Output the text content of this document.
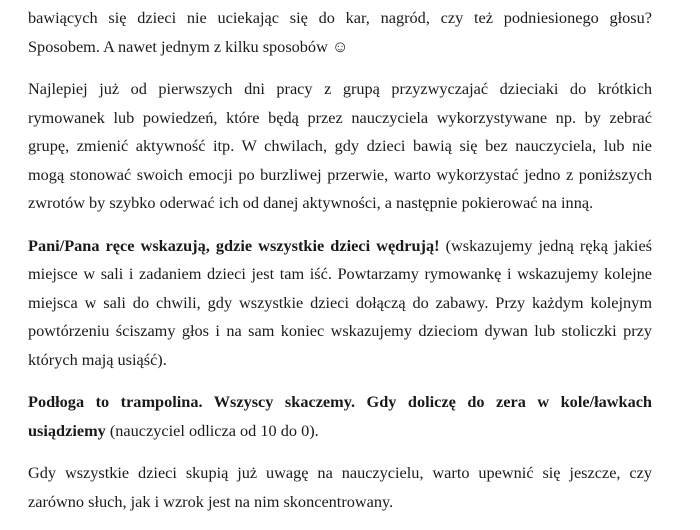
bawiących się dzieci nie uciekając się do kar, nagród, czy też podniesionego głosu?
Sposobem. A nawet jednym z kilku sposobów ☺

Najlepiej już od pierwszych dni pracy z grupą przyzwyczajać dzieciaki do krótkich
rymowanek lub powiedzeń, które będą przez nauczyciela wykorzystywane np. by zebrać
grupę, zmienić aktywność itp. W chwilach, gdy dzieci bawią się bez nauczyciela, lub nie
mogą stonować swoich emocji po burzliwej przerwie, warto wykorzystać jedno z poniższych
zwrotów by szybko oderwać ich od danej aktywności, a następnie pokierować na inną.

Pani/Pana ręce wskazują, gdzie wszystkie dzieci wędrują! (wskazujemy jedną ręką jakieś
miejsce w sali i zadaniem dzieci jest tam iść. Powtarzamy rymowankę i wskazujemy kolejne
miejsca w sali do chwili, gdy wszystkie dzieci dołączą do zabawy. Przy każdym kolejnym
powtórzeniu ściszamy głos i na sam koniec wskazujemy dzieciom dywan lub stoliczki przy
których mają usiąść).

Podłoga to trampolina. Wszyscy skaczemy. Gdy doliczę do zera w kole/ławkach
usiądziemy (nauczyciel odlicza od 10 do 0).

Gdy wszystkie dzieci skupią już uwagę na nauczycielu, warto upewnić się jeszcze, czy
zarówno słuch, jak i wzrok jest na nim skoncentrowany.
